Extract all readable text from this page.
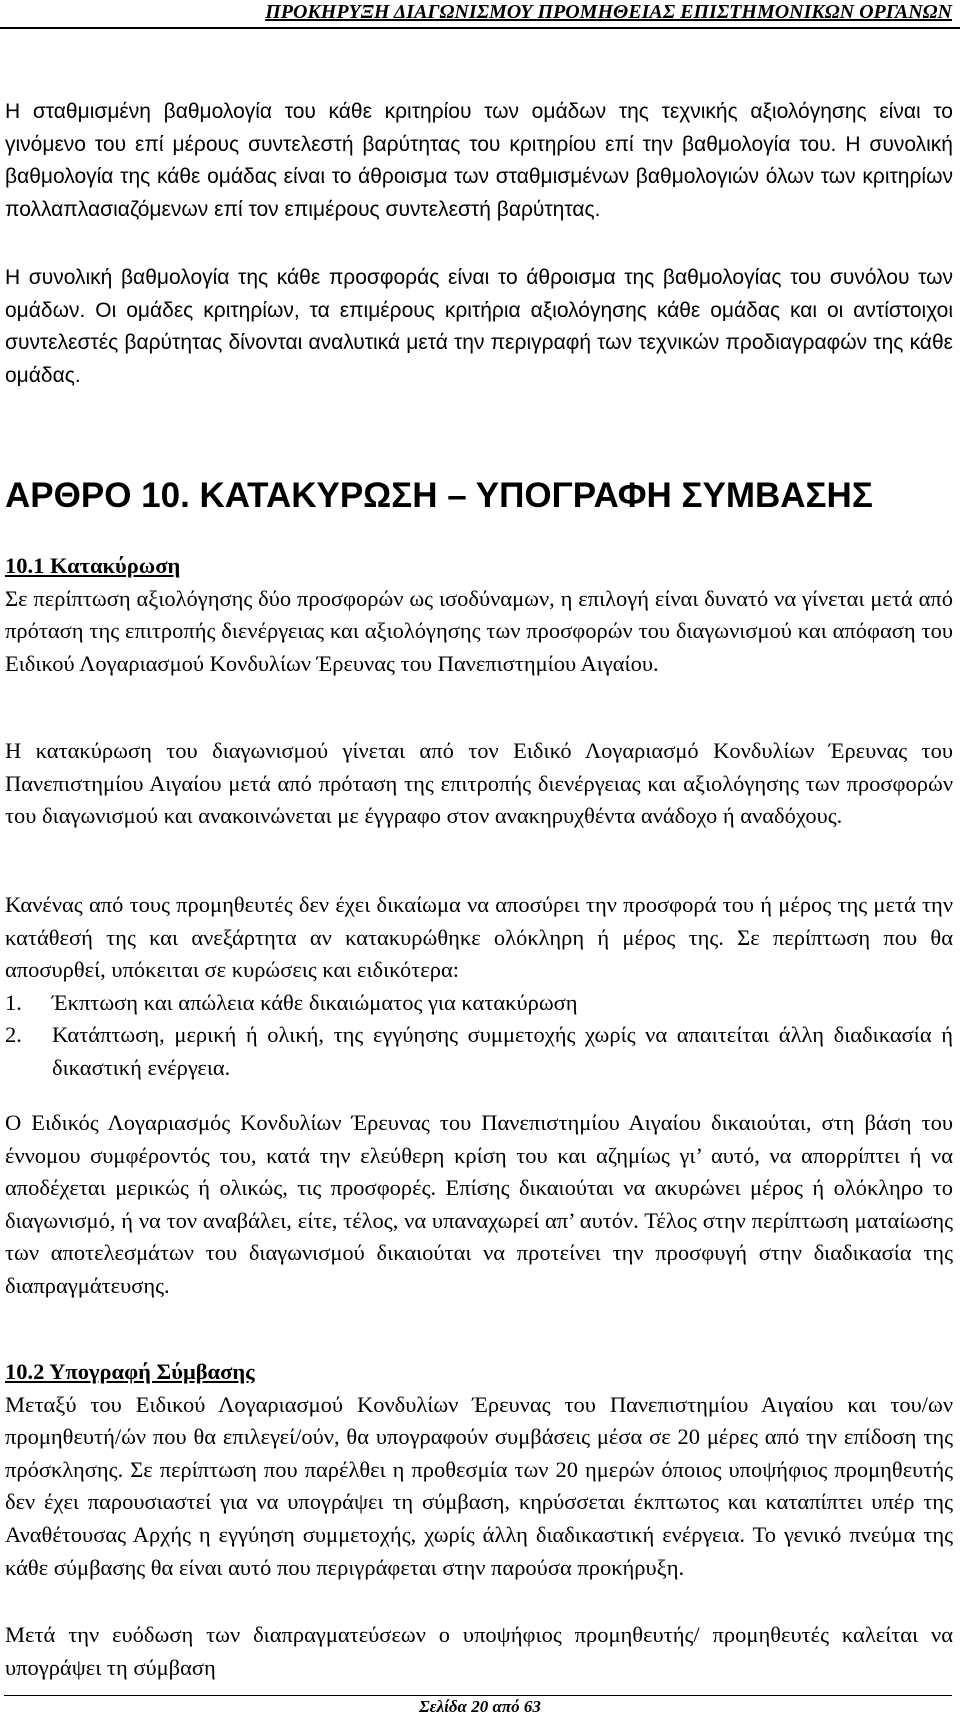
ΠΡΟΚΗΡΥΞΗ ΔΙΑΓΩΝΙΣΜΟΥ ΠΡΟΜΗΘΕΙΑΣ ΕΠΙΣΤΗΜΟΝΙΚΩΝ ΟΡΓΑΝΩΝ

Η σταθμισμένη βαθμολογία του κάθε κριτηρίου των ομάδων της τεχνικής αξιολόγησης είναι το γινόμενο του επί μέρους συντελεστή βαρύτητας του κριτηρίου επί την βαθμολογία του. Η συνολική βαθμολογία της κάθε ομάδας είναι το άθροισμα των σταθμισμένων βαθμολογιών όλων των κριτηρίων πολλαπλασιαζόμενων επί τον επιμέρους συντελεστή βαρύτητας.

Η συνολική βαθμολογία της κάθε προσφοράς είναι το άθροισμα της βαθμολογίας του συνόλου των ομάδων. Οι ομάδες κριτηρίων, τα επιμέρους κριτήρια αξιολόγησης κάθε ομάδας και οι αντίστοιχοι συντελεστές βαρύτητας δίνονται αναλυτικά μετά την περιγραφή των τεχνικών προδιαγραφών της κάθε ομάδας.

ΑΡΘΡΟ 10. ΚΑΤΑΚΥΡΩΣΗ – ΥΠΟΓΡΑΦΗ ΣΥΜΒΑΣΗΣ
10.1 Κατακύρωση
Σε περίπτωση αξιολόγησης δύο προσφορών ως ισοδύναμων, η επιλογή είναι δυνατό να γίνεται μετά από πρόταση της επιτροπής διενέργειας και αξιολόγησης των προσφορών του διαγωνισμού και απόφαση του Ειδικού Λογαριασμού Κονδυλίων Έρευνας του Πανεπιστημίου Αιγαίου.

Η κατακύρωση του διαγωνισμού γίνεται από τον Ειδικό Λογαριασμό Κονδυλίων Έρευνας του Πανεπιστημίου Αιγαίου μετά από πρόταση της επιτροπής διενέργειας και αξιολόγησης των προσφορών του διαγωνισμού και ανακοινώνεται με έγγραφο στον ανακηρυχθέντα ανάδοχο ή αναδόχους.

Κανένας από τους προμηθευτές δεν έχει δικαίωμα να αποσύρει την προσφορά του ή μέρος της μετά την κατάθεσή της και ανεξάρτητα αν κατακυρώθηκε ολόκληρη ή μέρος της. Σε περίπτωση που θα αποσυρθεί, υπόκειται σε κυρώσεις και ειδικότερα:
1.	Έκπτωση και απώλεια κάθε δικαιώματος για κατακύρωση
2.	Κατάπτωση, μερική ή ολική, της εγγύησης συμμετοχής χωρίς να απαιτείται άλλη διαδικασία ή δικαστική ενέργεια.

Ο Ειδικός Λογαριασμός Κονδυλίων Έρευνας του Πανεπιστημίου Αιγαίου δικαιούται, στη βάση του έννομου συμφέροντός του, κατά την ελεύθερη κρίση του και αζημίως γι’ αυτό, να απορρίπτει ή να αποδέχεται μερικώς ή ολικώς, τις προσφορές. Επίσης δικαιούται να ακυρώνει μέρος ή ολόκληρο το διαγωνισμό, ή να τον αναβάλει, είτε, τέλος, να υπαναχωρεί απ’ αυτόν. Τέλος στην περίπτωση ματαίωσης των αποτελεσμάτων του διαγωνισμού δικαιούται να προτείνει την προσφυγή στην διαδικασία της διαπραγμάτευσης.

10.2 Υπογραφή Σύμβασης
Μεταξύ του Ειδικού Λογαριασμού Κονδυλίων Έρευνας του Πανεπιστημίου Αιγαίου και του/ων προμηθευτή/ών που θα επιλεγεί/ούν, θα υπογραφούν συμβάσεις μέσα σε 20 μέρες από την επίδοση της πρόσκλησης. Σε περίπτωση που παρέλθει η προθεσμία των 20 ημερών όποιος υποψήφιος προμηθευτής δεν έχει παρουσιαστεί για να υπογράψει τη σύμβαση, κηρύσσεται έκπτωτος και καταπίπτει υπέρ της Αναθέτουσας Αρχής η εγγύηση συμμετοχής, χωρίς άλλη διαδικαστική ενέργεια. Το γενικό πνεύμα της κάθε σύμβασης θα είναι αυτό που περιγράφεται στην παρούσα προκήρυξη.

Μετά την ευόδωση των διαπραγματεύσεων ο υποψήφιος προμηθευτής/ προμηθευτές καλείται να υπογράψει τη σύμβαση

Σελίδα 20 από 63
